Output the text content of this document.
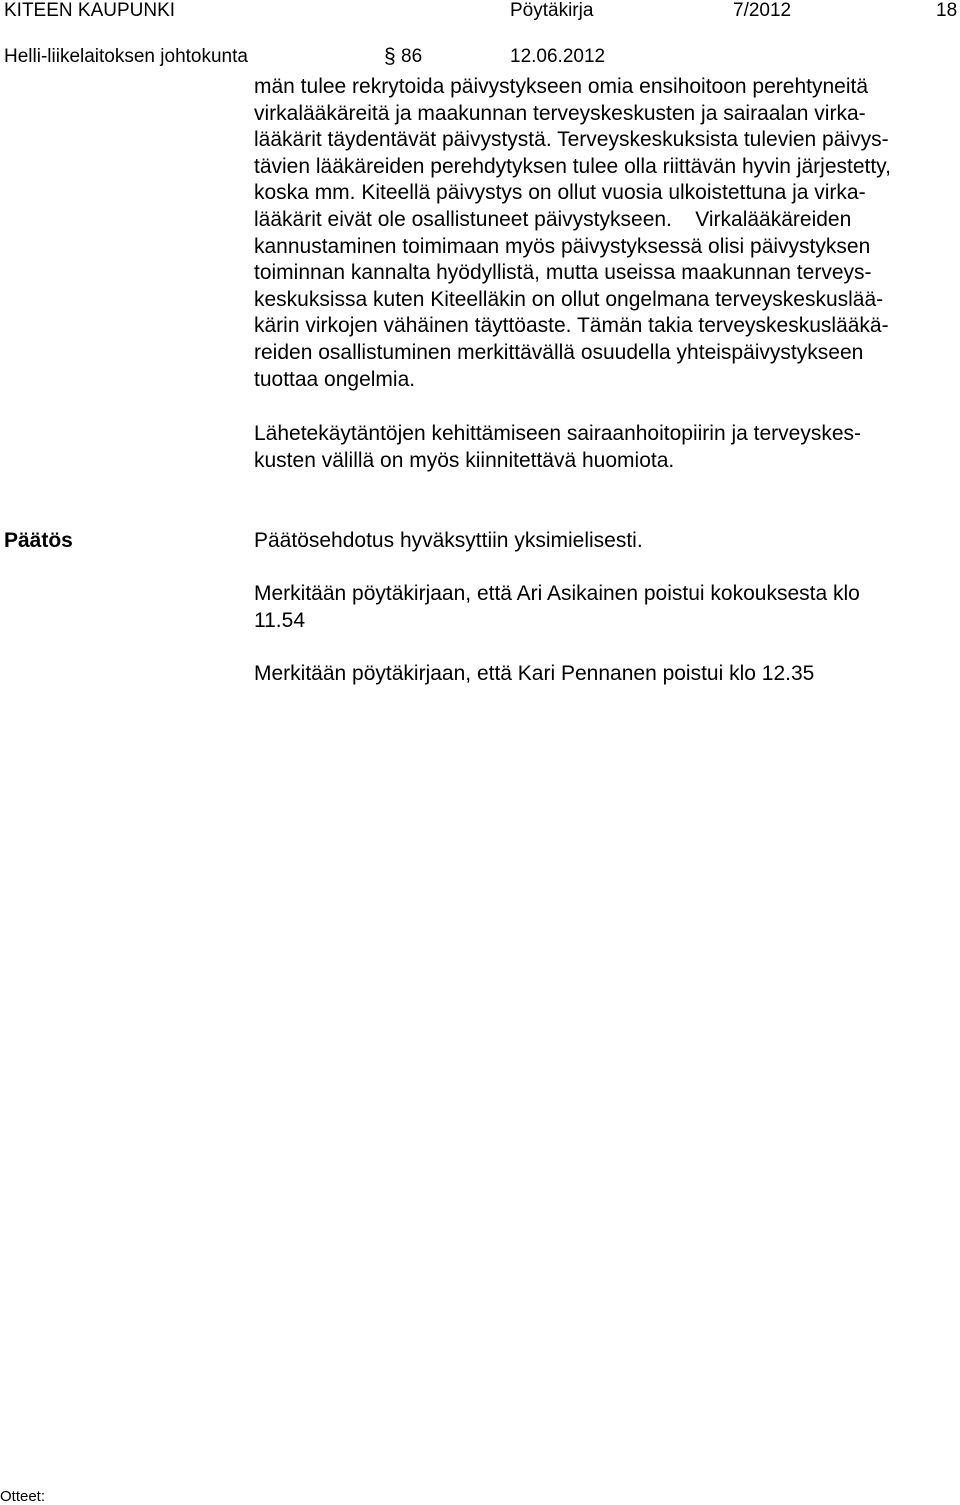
KITEEN KAUPUNKI	Pöytäkirja	7/2012	18
Helli-liikelaitoksen johtokunta	§ 86	12.06.2012
män tulee rekrytoida päivystykseen omia ensihoitoon perehtyneitä
virkalääkäreitä ja maakunnan terveyskeskusten ja sairaalan virka-
lääkärit täydentävät päivystystä. Terveyskeskuksista tulevien päivys-
tävien lääkäreiden perehdytyksen tulee olla riittävän hyvin järjestetty,
koska mm. Kiteellä päivystys on ollut vuosia ulkoistettuna ja virka-
lääkärit eivät ole osallistuneet päivystykseen.    Virkalääkäreiden
kannustaminen toimimaan myös päivystyksessä olisi päivystyksen
toiminnan kannalta hyödyllistä, mutta useissa maakunnan terveys-
keskuksissa kuten Kiteelläkin on ollut ongelmana terveyskeskuslää-
kärin virkojen vähäinen täyttöaste. Tämän takia terveyskeskuslääkä-
reiden osallistuminen merkittävällä osuudella yhteispäivystykseen
tuottaa ongelmia.
Lähetekäytäntöjen kehittämiseen sairaanhoitopiirin ja terveyskes-
kusten välillä on myös kiinnitettävä huomiota.
Päätös	Päätösehdotus hyväksyttiin yksimielisesti.
Merkitään pöytäkirjaan, että Ari Asikainen poistui kokouksesta klo
11.54
Merkitään pöytäkirjaan, että Kari Pennanen poistui klo 12.35
Otteet:
